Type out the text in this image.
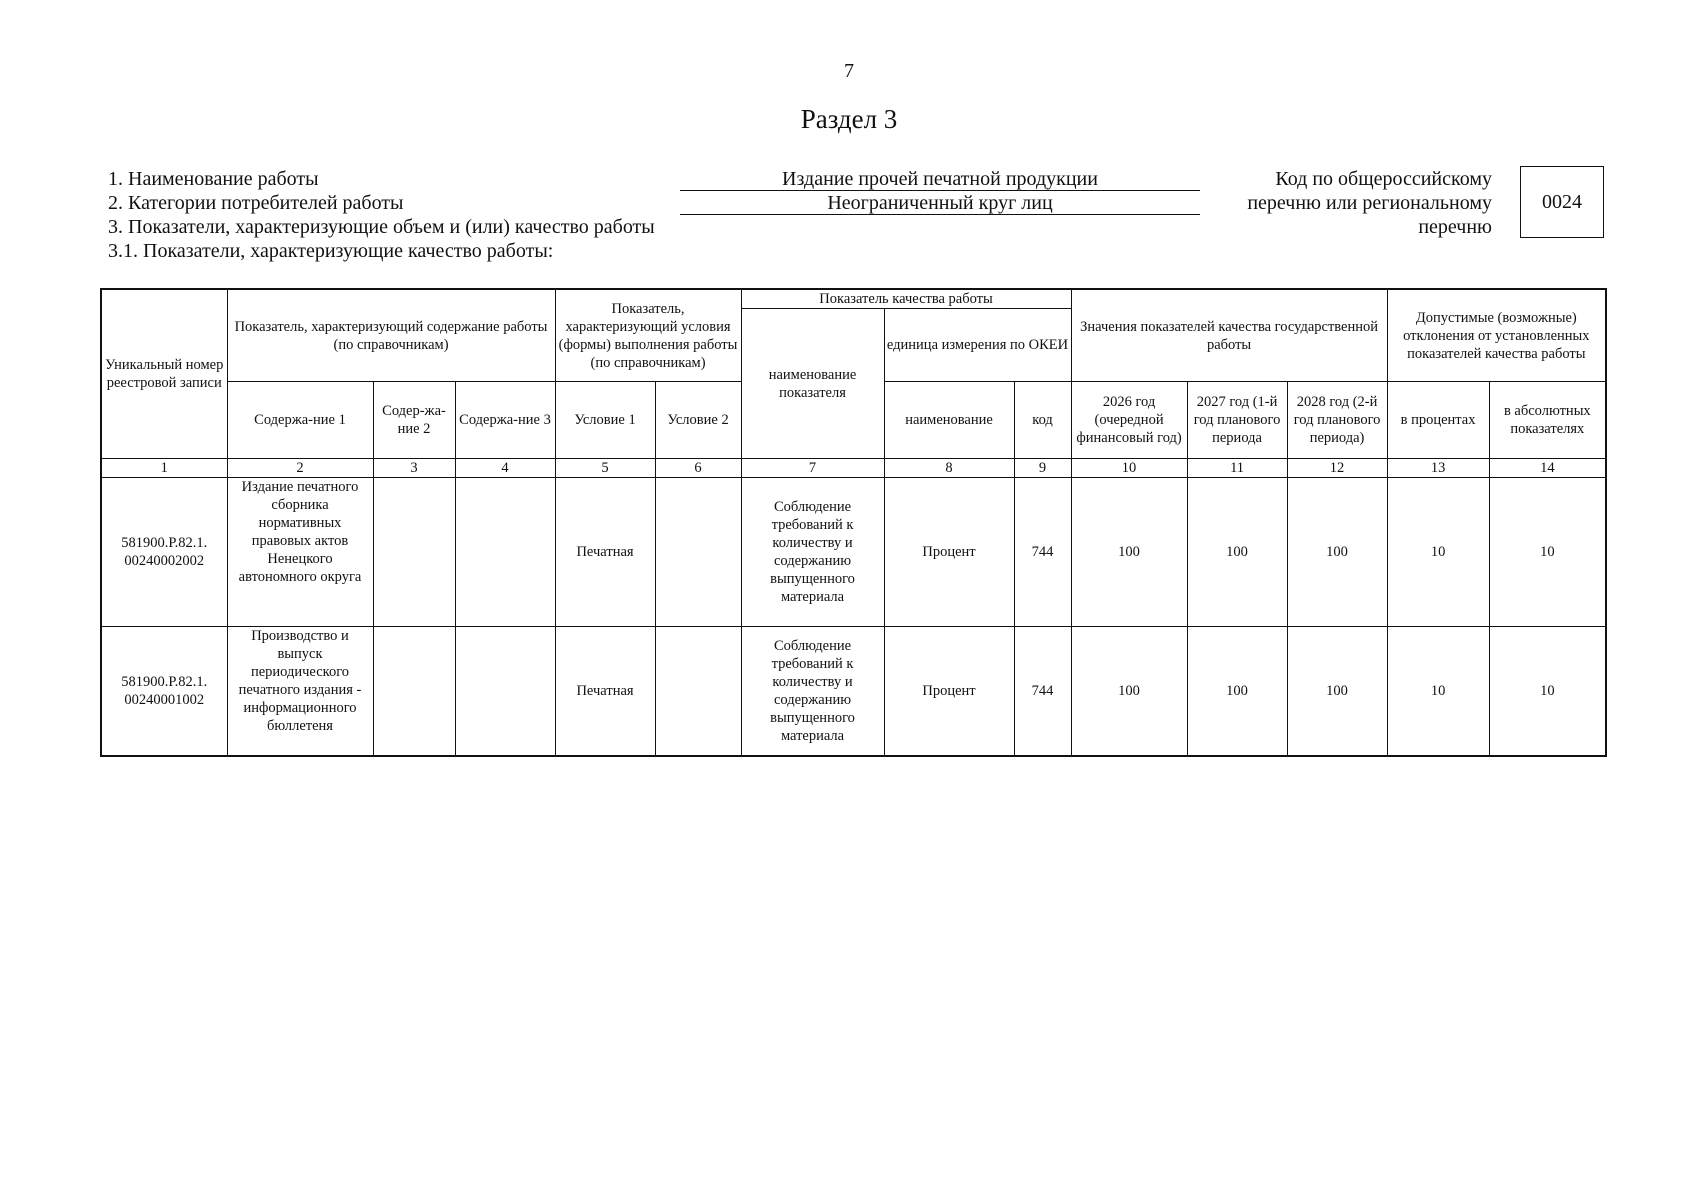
7
Раздел 3
1. Наименование работы	Издание прочей печатной продукции
2. Категории потребителей работы	Неограниченный круг лиц
3. Показатели, характеризующие объем и (или) качество работы
3.1. Показатели, характеризующие качество работы:
Код по общероссийскому
перечню или региональному
перечню
0024
Уникальный номер реестровой записи	Показатель, характеризующий содержание работы (по справочникам)			Показатель, характеризующий условия (формы) выполнения работы (по справочникам)		Показатель качества работы			Значения показателей качества государственной работы			Допустимые (возможные) отклонения от установленных показателей качества работы	
						наименование показателя	единица измерения по ОКЕИ						
	Содержа-ние 1	Содер-жа-ние 2	Содержа-ние 3	Условие 1	Условие 2		наименование	код	2026 год (очередной финансовый год)	2027 год (1-й год планового периода	2028 год (2-й год планового периода)	в процентах	в абсолютных показателях
1	2	3	4	5	6	7	8	9	10	11	12	13	14
581900.Р.82.1. 00240002002	Издание печатного сборника нормативных правовых актов Ненецкого автономного округа			Печатная		Соблюдение требований к количеству и содержанию выпущенного материала	Процент	744	100	100	100	10	10
581900.Р.82.1. 00240001002	Производство и выпуск периодического печатного издания - информационного бюллетеня			Печатная		Соблюдение требований к количеству и содержанию выпущенного материала	Процент	744	100	100	100	10	10
